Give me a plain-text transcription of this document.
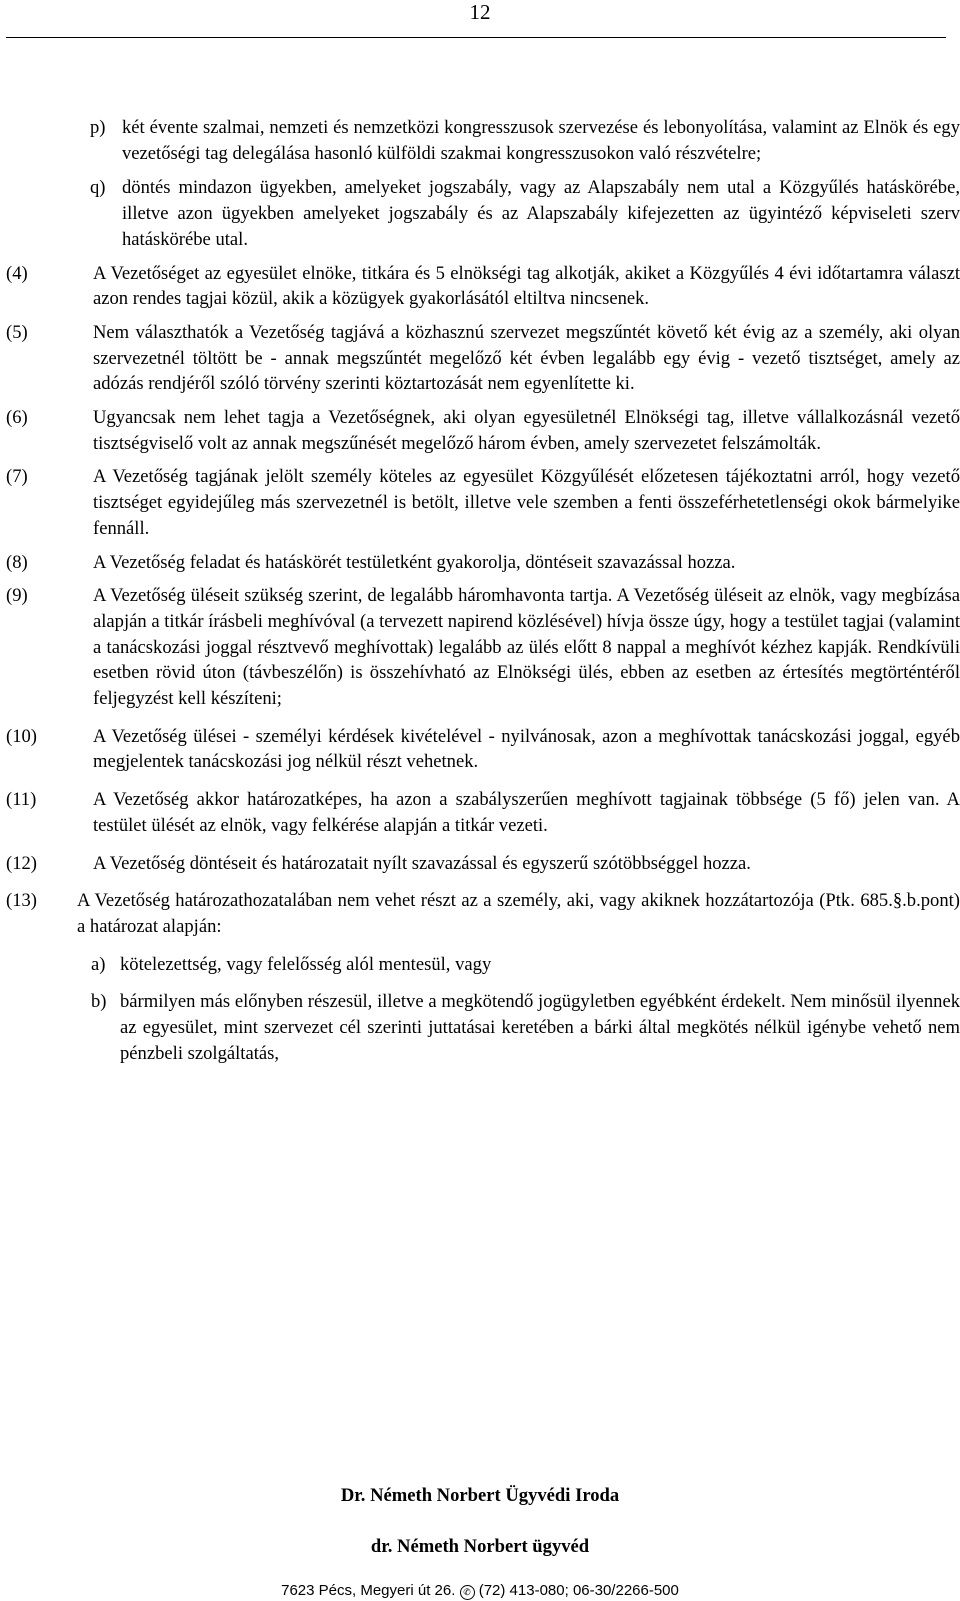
12
p) két évente szalmai, nemzeti és nemzetközi kongresszusok szervezése és lebonyolítása, valamint az Elnök és egy vezetőségi tag delegálása hasonló külföldi szakmai kongresszusokon való részvételre;
q) döntés mindazon ügyekben, amelyeket jogszabály, vagy az Alapszabály nem utal a Közgyűlés hatáskörébe, illetve azon ügyekben amelyeket jogszabály és az Alapszabály kifejezetten az ügyintéző képviseleti szerv hatáskörébe utal.
(4)	A Vezetőséget az egyesület elnöke, titkára és 5 elnökségi tag alkotják, akiket a Közgyűlés 4 évi időtartamra választ azon rendes tagjai közül, akik a közügyek gyakorlásától eltiltva nincsenek.
(5)	Nem választhatók a Vezetőség tagjává a közhasznú szervezet megszűntét követő két évig az a személy, aki olyan szervezetnél töltött be - annak megszűntét megelőző két évben legalább egy évig - vezető tisztséget, amely az adózás rendjéről szóló törvény szerinti köztartozását nem egyenlítette ki.
(6)	Ugyancsak nem lehet tagja a Vezetőségnek, aki olyan egyesületnél Elnökségi tag, illetve vállalkozásnál vezető tisztségviselő volt az annak megszűnését megelőző három évben, amely szervezetet felszámolták.
(7)	A Vezetőség tagjának jelölt személy köteles az egyesület Közgyűlését előzetesen tájékoztatni arról, hogy vezető tisztséget egyidejűleg más szervezetnél is betölt, illetve vele szemben a fenti összeférhetetlenségi okok bármelyike fennáll.
(8)	A Vezetőség feladat és hatáskörét testületként gyakorolja, döntéseit szavazással hozza.
(9)	A Vezetőség üléseit szükség szerint, de legalább háromhavonta tartja. A Vezetőség üléseit az elnök, vagy megbízása alapján a titkár írásbeli meghívóval (a tervezett napirend közlésével) hívja össze úgy, hogy a testület tagjai (valamint a tanácskozási joggal résztvevő meghívottak) legalább az ülés előtt 8 nappal a meghívót kézhez kapják. Rendkívüli esetben rövid úton (távbeszélőn) is összehívható az Elnökségi ülés, ebben az esetben az értesítés megtörténtéről feljegyzést kell készíteni;
(10)	A Vezetőség ülései - személyi kérdések kivételével - nyilvánosak, azon a meghívottak tanácskozási joggal, egyéb megjelentek tanácskozási jog nélkül részt vehetnek.
(11)	A Vezetőség akkor határozatképes, ha azon a szabályszerűen meghívott tagjainak többsége (5 fő) jelen van. A testület ülését az elnök, vagy felkérése alapján a titkár vezeti.
(12)	A Vezetőség döntéseit és határozatait nyílt szavazással és egyszerű szótöbbséggel hozza.
(13) A Vezetőség határozathozatalában nem vehet részt az a személy, aki, vagy akiknek hozzátartozója (Ptk. 685.§.b.pont) a határozat alapján:
a) kötelezettség, vagy felelősség alól mentesül, vagy
b) bármilyen más előnyben részesül, illetve a megkötendő jogügyletben egyébként érdekelt. Nem minősül ilyennek az egyesület, mint szervezet cél szerinti juttatásai keretében a bárki által megkötés nélkül igénybe vehető nem pénzbeli szolgáltatás,
Dr. Németh Norbert Ügyvédi Iroda
dr. Németh Norbert ügyvéd
7623 Pécs, Megyeri út 26. ✆ (72) 413-080; 06-30/2266-500
